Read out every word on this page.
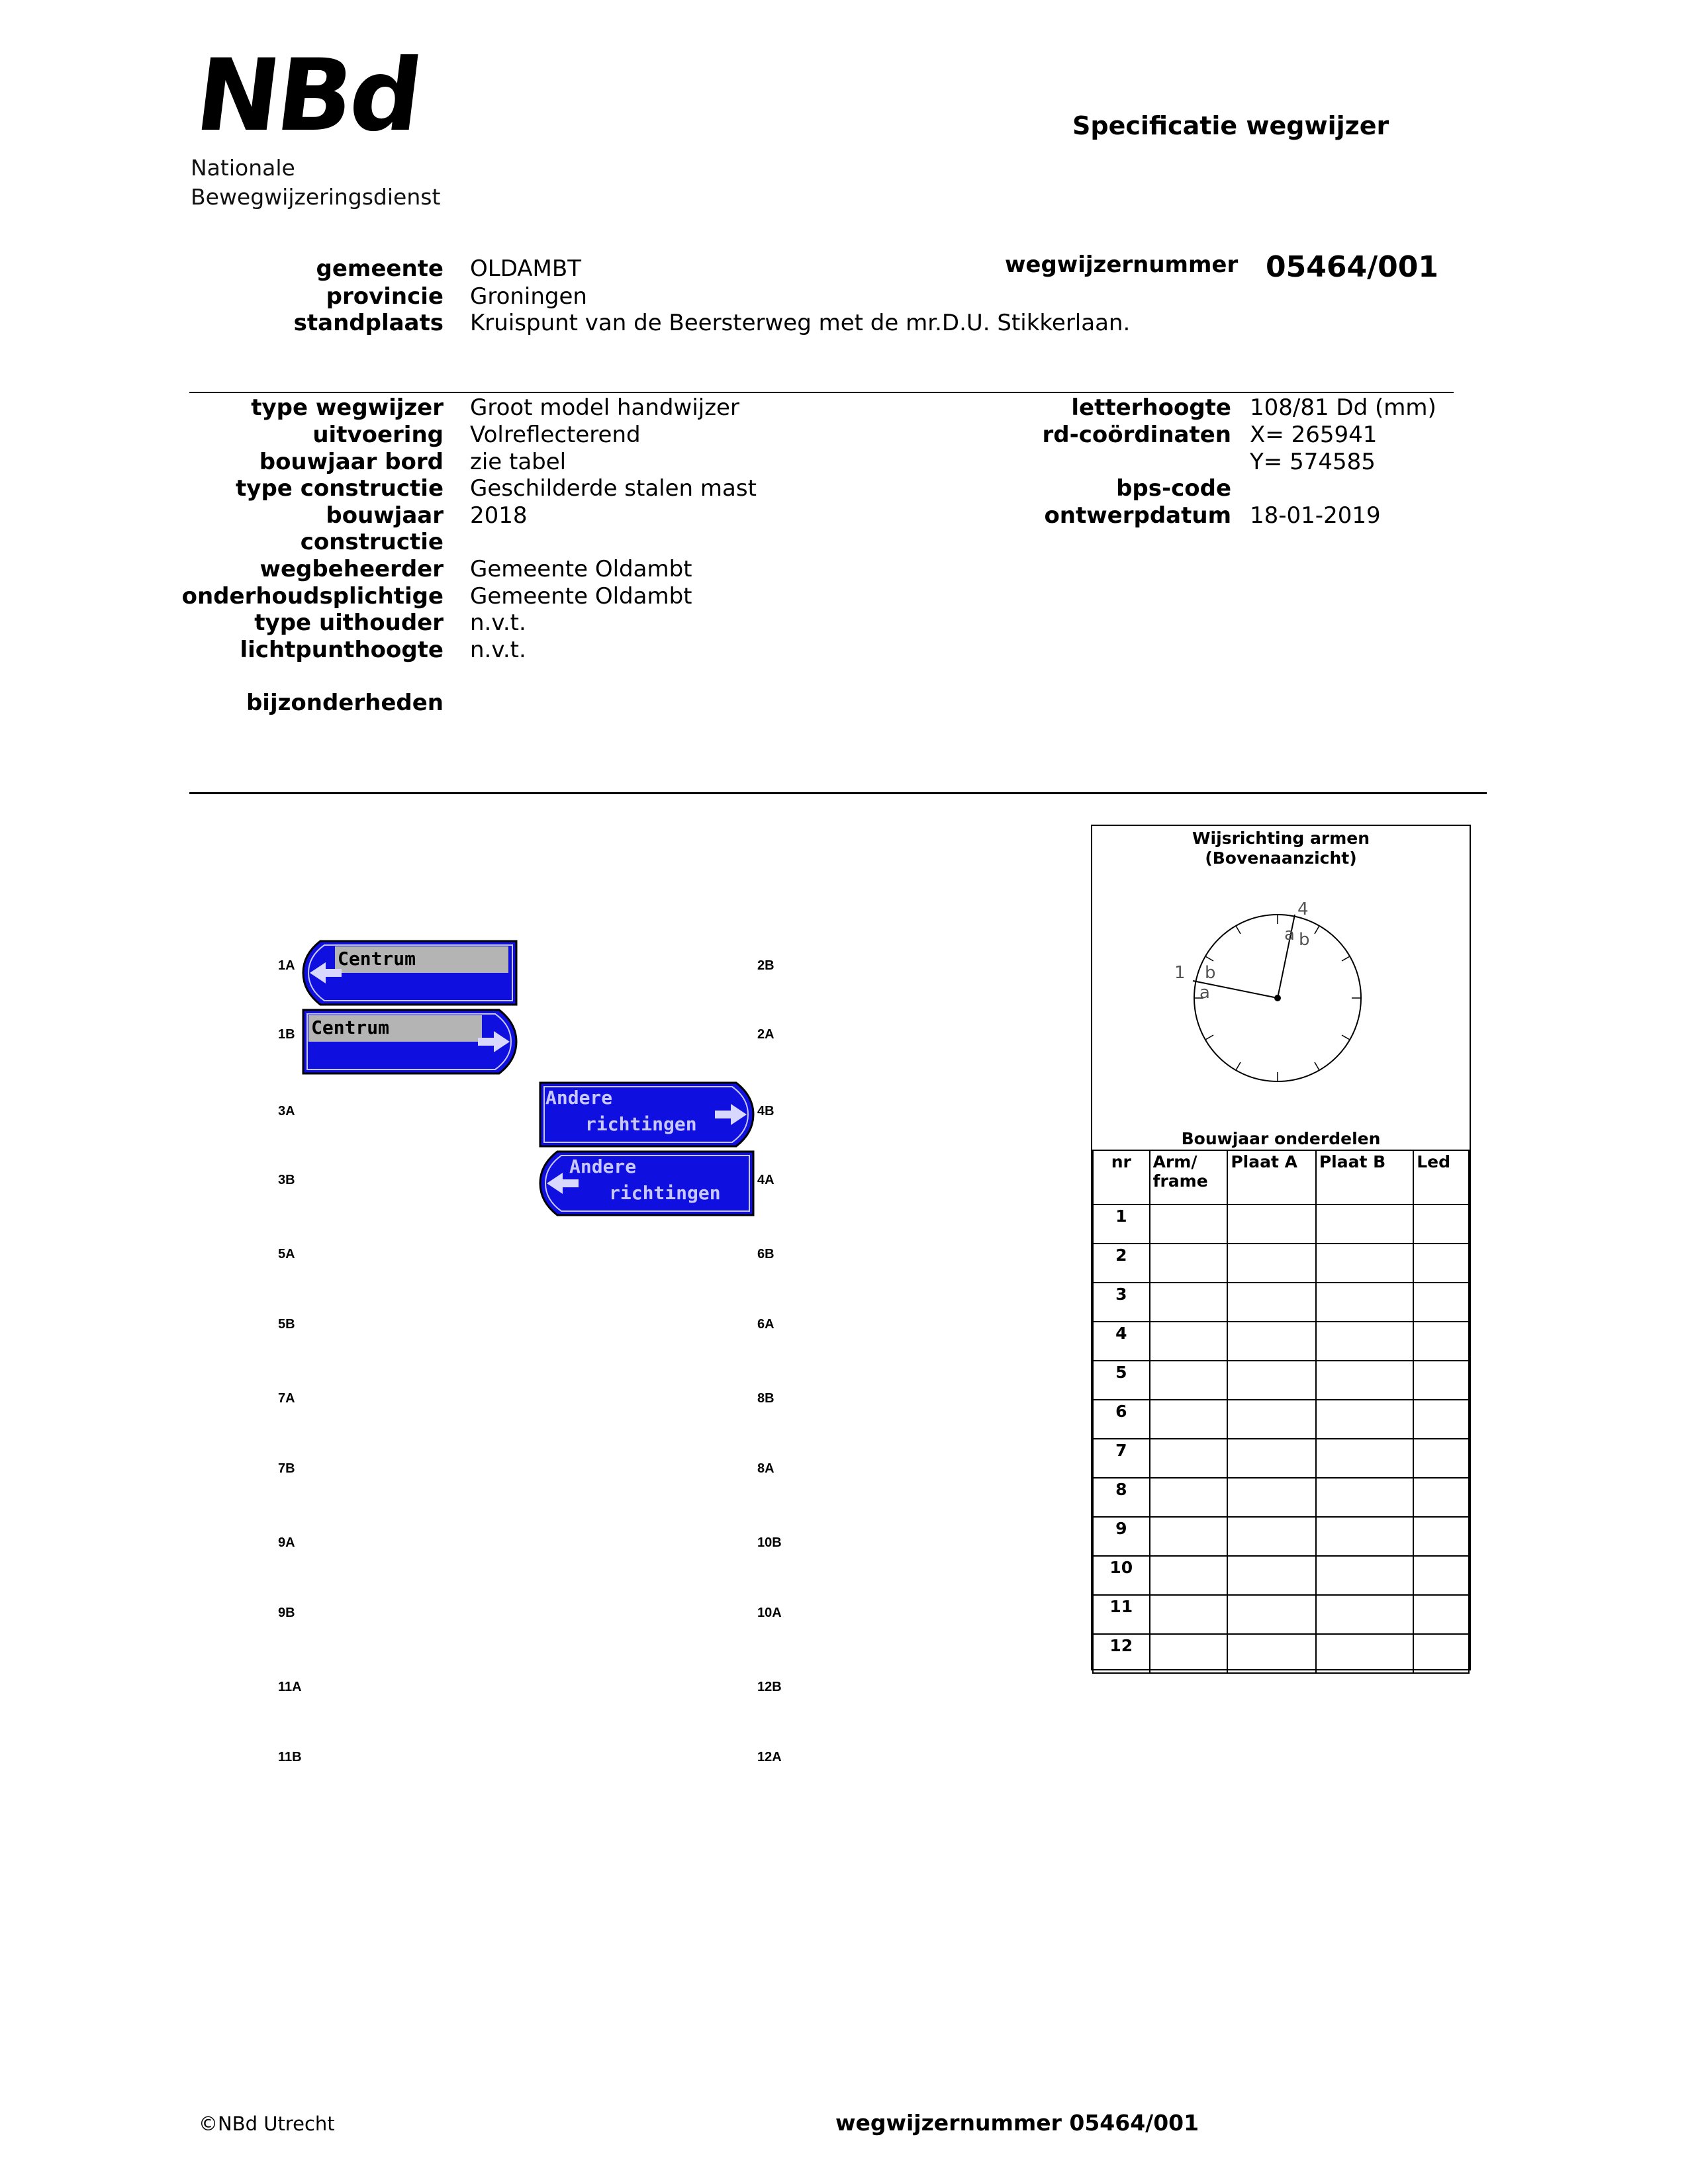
NBd
Nationale
Bewegwijzeringsdienst
Specificatie wegwijzer
gemeente OLDAMBT
provincie Groningen
standplaats Kruispunt van de Beersterweg met de mr.D.U. Stikkerlaan.
wegwijzernummer 05464/001
type wegwijzer Groot model handwijzer
uitvoering Volreflecterend
bouwjaar bord zie tabel
type constructie Geschilderde stalen mast
bouwjaar
constructie
2018
wegbeheerder Gemeente Oldambt
onderhoudsplichtige Gemeente Oldambt
type uithouder n.v.t.
lichtpunthoogte n.v.t.
bijzonderheden
letterhoogte 108/81 Dd (mm)
rd-coördinaten X= 265941
Y= 574585
bps-code
ontwerpdatum 18-01-2019
1A
1B
3A
3B
5A
5B
7A
7B
9A
9B
11A
11B
2B
2A
4B
4A
6B
6A
8B
8A
10B
10A
12B
12A
Centrum
Centrum
Andere
richtingen
Andere
richtingen
Wijsrichting armen
(Bovenaanzicht)
1 b
a
4
a b
Bouwjaar onderdelen
nr	Arm/ frame	Plaat A	Plaat B	Led
1				
2				
3				
4				
5				
6				
7				
8				
9				
10				
11				
12				
©NBd Utrecht	wegwijzernummer 05464/001
